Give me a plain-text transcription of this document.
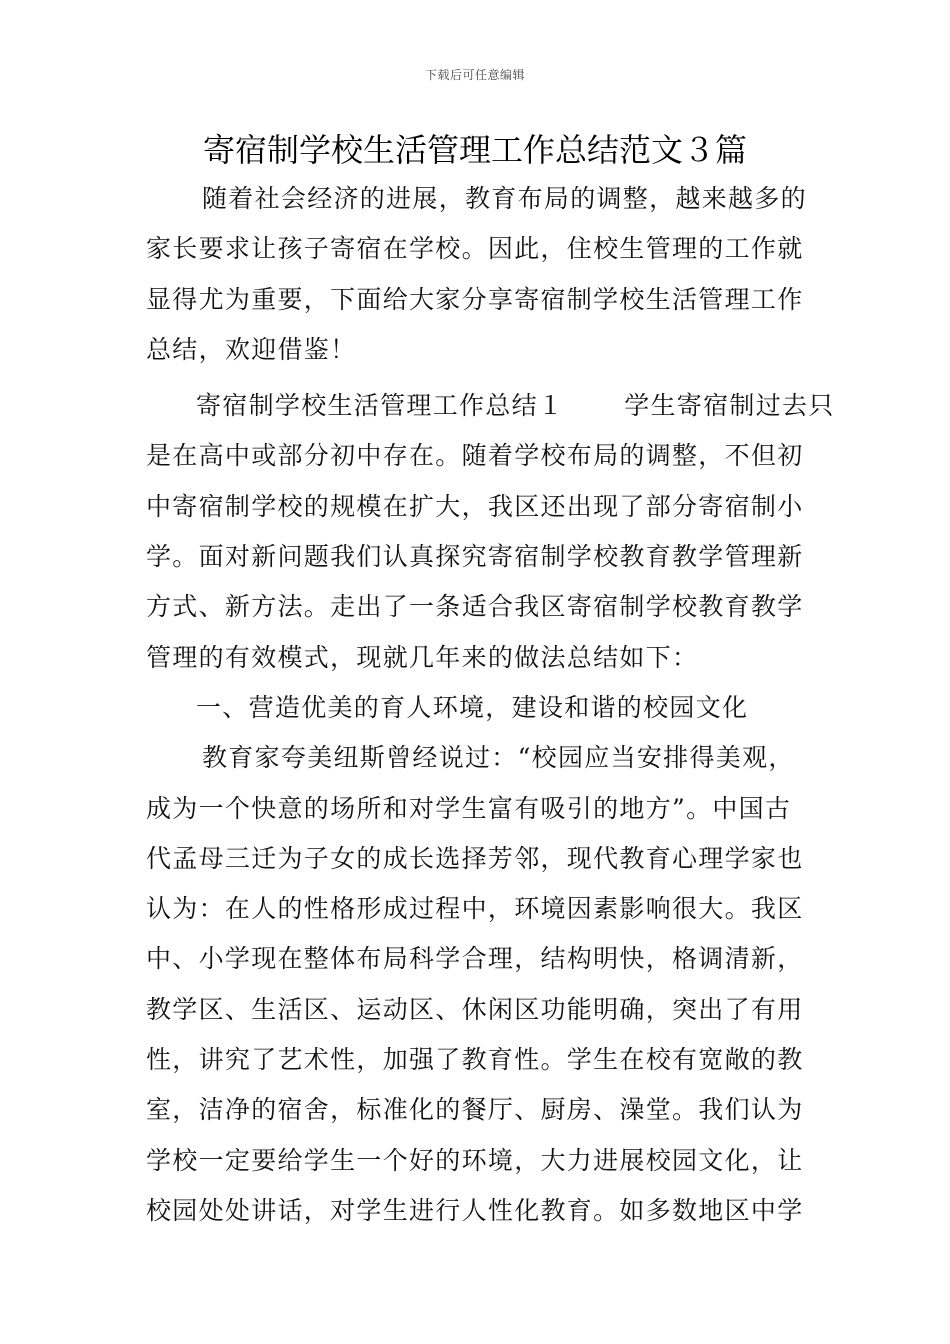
下载后可任意编辑
寄宿制学校生活管理工作总结范文３篇
随着社会经济的进展，教育布局的调整，越来越多的
家长要求让孩子寄宿在学校。因此，住校生管理的工作就
显得尤为重要，下面给大家分享寄宿制学校生活管理工作
总结，欢迎借鉴！
寄宿制学校生活管理工作总结１ 学生寄宿制过去只
是在高中或部分初中存在。随着学校布局的调整，不但初
中寄宿制学校的规模在扩大，我区还出现了部分寄宿制小
学。面对新问题我们认真探究寄宿制学校教育教学管理新
方式、新方法。走出了一条适合我区寄宿制学校教育教学
管理的有效模式，现就几年来的做法总结如下：
一、营造优美的育人环境，建设和谐的校园文化
教育家夸美纽斯曾经说过：“校园应当安排得美观，
成为一个快意的场所和对学生富有吸引的地方”。中国古
代孟母三迁为子女的成长选择芳邻，现代教育心理学家也
认为：在人的性格形成过程中，环境因素影响很大。我区
中、小学现在整体布局科学合理，结构明快，格调清新，
教学区、生活区、运动区、休闲区功能明确，突出了有用
性，讲究了艺术性，加强了教育性。学生在校有宽敞的教
室，洁净的宿舍，标准化的餐厅、厨房、澡堂。我们认为
学校一定要给学生一个好的环境，大力进展校园文化，让
校园处处讲话，对学生进行人性化教育。如多数地区中学
